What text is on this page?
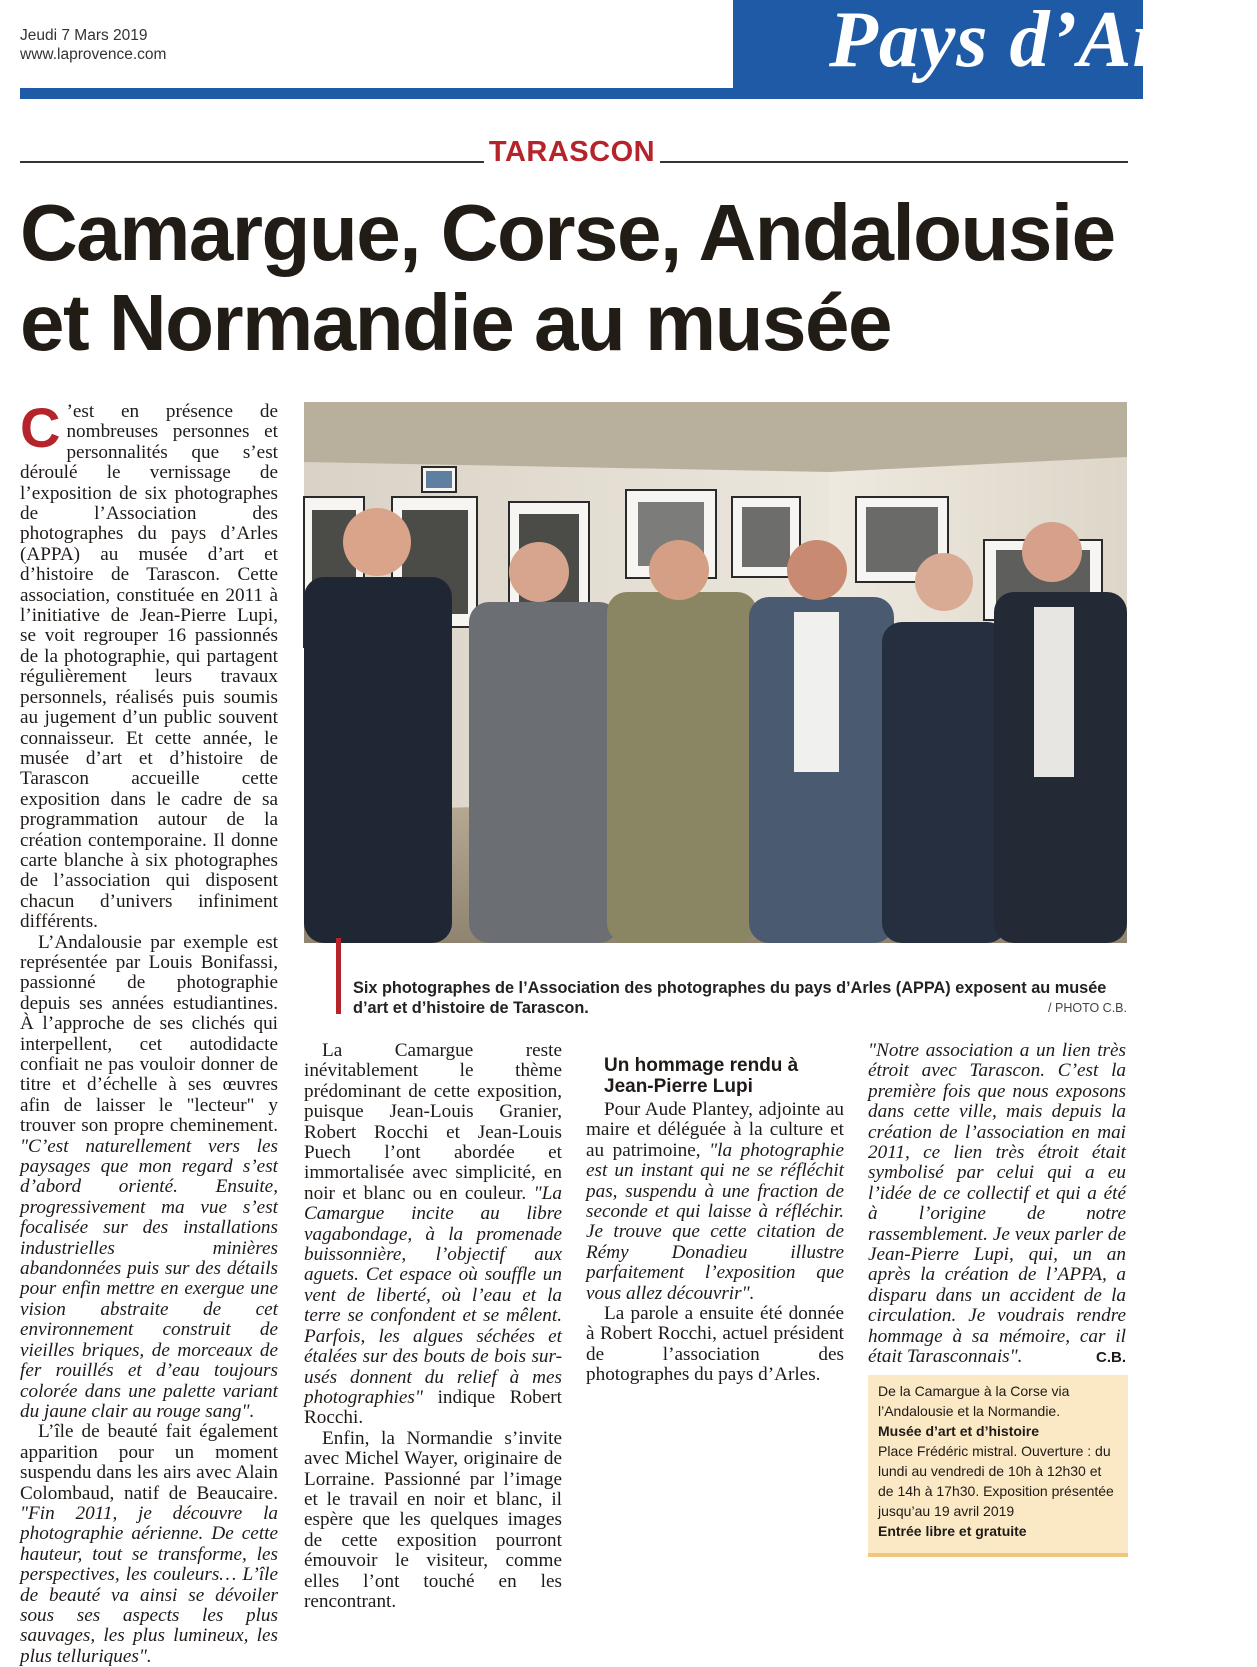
Jeudi 7 Mars 2019
www.laprovence.com	Pays d’Arles
TARASCON
Camargue, Corse, Andalousie
et Normandie au musée

C ’est en présence de nombreuses personnes et personnalités que s’est déroulé le vernissage de l’exposition de six photographes de l’Association des photographes du pays d’Arles (APPA) au musée d’art et d’histoire de Tarascon. Cette association, constituée en 2011 à l’initiative de Jean-Pierre Lupi, se voit regrouper 16 passionnés de la photographie, qui partagent régulièrement leurs travaux personnels, réalisés puis soumis au jugement d’un public souvent connaisseur. Et cette année, le musée d’art et d’histoire de Tarascon accueille cette exposition dans le cadre de sa programmation autour de la création contemporaine. Il donne carte blanche à six photographes de l’association qui disposent chacun d’univers infiniment différents.

L’Andalousie par exemple est représentée par Louis Bonifassi, passionné de photographie depuis ses années estudiantines. À l’approche de ses clichés qui interpellent, cet autodidacte confiait ne pas vouloir donner de titre et d’échelle à ses œuvres afin de laisser le "lecteur" y trouver son propre cheminement. "C’est naturellement vers les paysages que mon regard s’est d’abord orienté. Ensuite, progressivement ma vue s’est focalisée sur des installations industrielles minières abandonnées puis sur des détails pour enfin mettre en exergue une vision abstraite de cet environnement construit de vieilles briques, de morceaux de fer rouillés et d’eau toujours colorée dans une palette variant du jaune clair au rouge sang".

L’île de beauté fait également apparition pour un moment suspendu dans les airs avec Alain Colombaud, natif de Beaucaire. "Fin 2011, je découvre la photographie aérienne. De cette hauteur, tout se transforme, les perspectives, les couleurs… L’île de beauté va ainsi se dévoiler sous ses aspects les plus sauvages, les plus lumineux, les plus telluriques".

Six photographes de l’Association des photographes du pays d’Arles (APPA) exposent au musée d’art et d’histoire de Tarascon.	/ PHOTO C.B.

La Camargue reste inévitablement le thème prédominant de cette exposition, puisque Jean-Louis Granier, Robert Rocchi et Jean-Louis Puech l’ont abordée et immortalisée avec simplicité, en noir et blanc ou en couleur. "La Camargue incite au libre vagabondage, à la promenade buissonnière, l’objectif aux aguets. Cet espace où souffle un vent de liberté, où l’eau et la terre se confondent et se mêlent. Parfois, les algues séchées et étalées sur des bouts de bois sur-usés donnent du relief à mes photographies" indique Robert Rocchi.

Enfin, la Normandie s’invite avec Michel Wayer, originaire de Lorraine. Passionné par l’image et le travail en noir et blanc, il espère que les quelques images de cette exposition pourront émouvoir le visiteur, comme elles l’ont touché en les rencontrant.

Un hommage rendu à Jean-Pierre Lupi

Pour Aude Plantey, adjointe au maire et déléguée à la culture et au patrimoine, "la photographie est un instant qui ne se réfléchit pas, suspendu à une fraction de seconde et qui laisse à réfléchir. Je trouve que cette citation de Rémy Donadieu illustre parfaitement l’exposition que vous allez découvrir".

La parole a ensuite été donnée à Robert Rocchi, actuel président de l’association des photographes du pays d’Arles.

"Notre association a un lien très étroit avec Tarascon. C’est la première fois que nous exposons dans cette ville, mais depuis la création de l’association en mai 2011, ce lien très étroit était symbolisé par celui qui a eu l’idée de ce collectif et qui a été à l’origine de notre rassemblement. Je veux parler de Jean-Pierre Lupi, qui, un an après la création de l’APPA, a disparu dans un accident de la circulation. Je voudrais rendre hommage à sa mémoire, car il était Tarasconnais".	C.B.
De la Camargue à la Corse via l’Andalousie et la Normandie.
Musée d’art et d’histoire
Place Frédéric mistral. Ouverture : du lundi au vendredi de 10h à 12h30 et de 14h à 17h30. Exposition présentée jusqu’au 19 avril 2019
Entrée libre et gratuite
